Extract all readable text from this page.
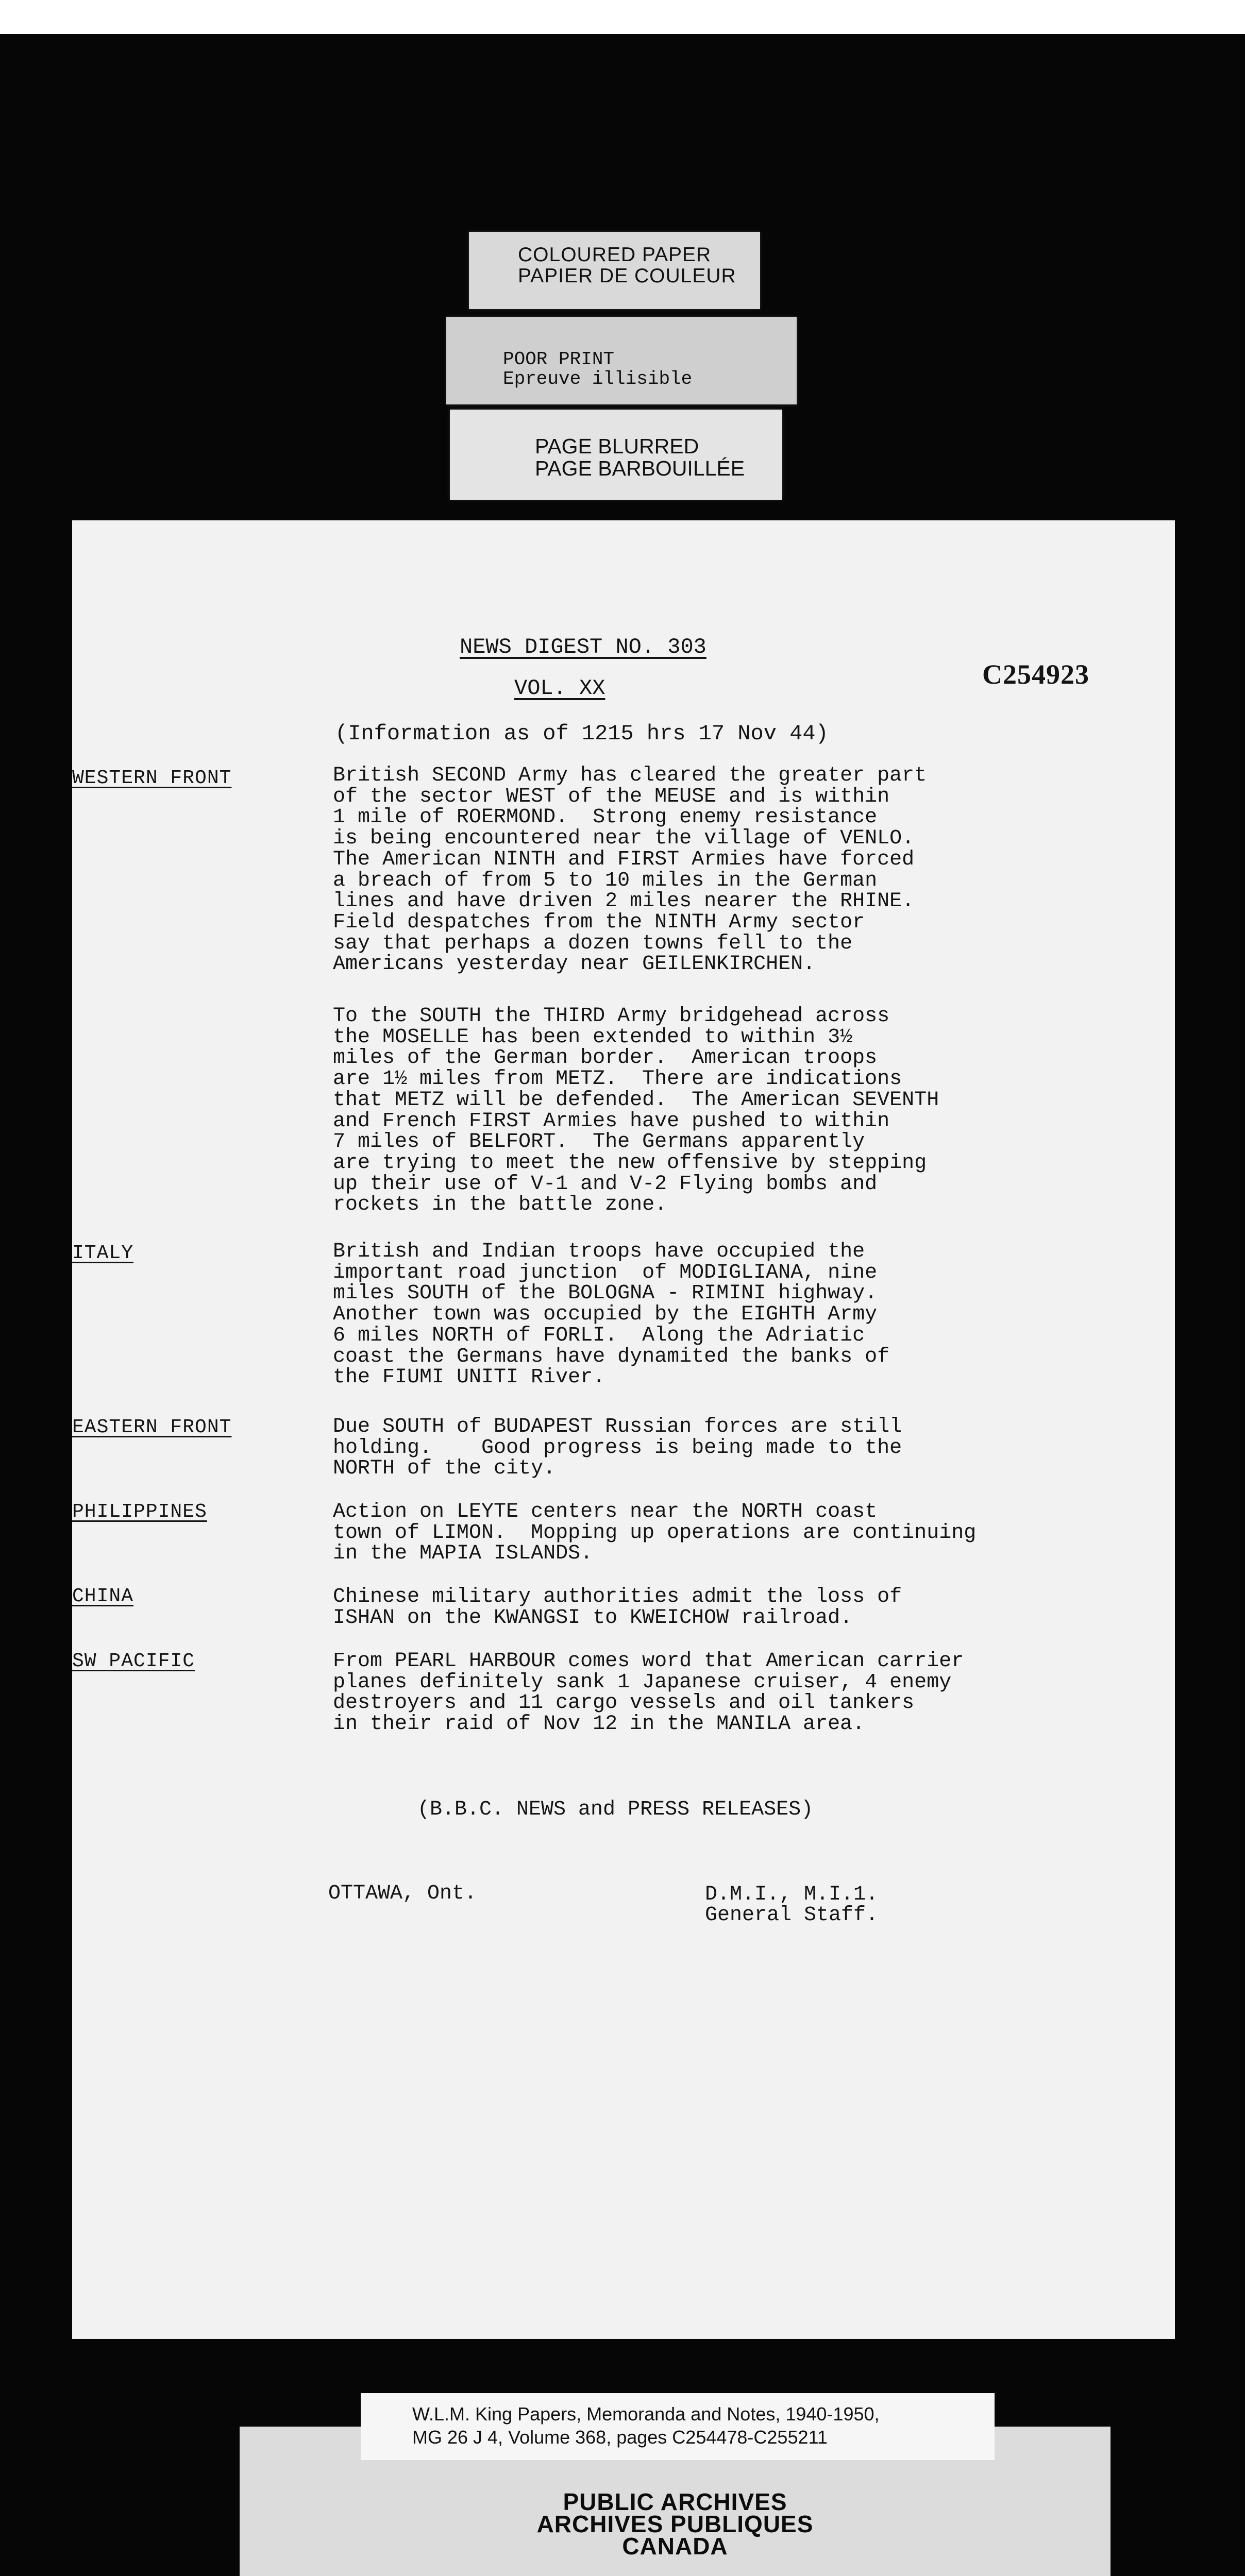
COLOURED PAPER
PAPIER DE COULEUR
POOR PRINT
Epreuve illisible
PAGE BLURRED
PAGE BARBOUILLÉE
NEWS DIGEST NO. 303
VOL. XX	C254923
(Information as of 1215 hrs 17 Nov 44)
WESTERN FRONT	British SECOND Army has cleared the greater part
of the sector WEST of the MEUSE and is within
1 mile of ROERMOND.  Strong enemy resistance
is being encountered near the village of VENLO.
The American NINTH and FIRST Armies have forced
a breach of from 5 to 10 miles in the German
lines and have driven 2 miles nearer the RHINE.
Field despatches from the NINTH Army sector
say that perhaps a dozen towns fell to the
Americans yesterday near GEILENKIRCHEN.
To the SOUTH the THIRD Army bridgehead across
the MOSELLE has been extended to within 3½
miles of the German border.  American troops
are 1½ miles from METZ.  There are indications
that METZ will be defended.  The American SEVENTH
and French FIRST Armies have pushed to within
7 miles of BELFORT.  The Germans apparently
are trying to meet the new offensive by stepping
up their use of V-1 and V-2 Flying bombs and
rockets in the battle zone.
ITALY	British and Indian troops have occupied the
important road junction  of MODIGLIANA, nine
miles SOUTH of the BOLOGNA - RIMINI highway.
Another town was occupied by the EIGHTH Army
6 miles NORTH of FORLI.  Along the Adriatic
coast the Germans have dynamited the banks of
the FIUMI UNITI River.
EASTERN FRONT	Due SOUTH of BUDAPEST Russian forces are still
holding.    Good progress is being made to the
NORTH of the city.
PHILIPPINES	Action on LEYTE centers near the NORTH coast
town of LIMON.  Mopping up operations are continuing
in the MAPIA ISLANDS.
CHINA	Chinese military authorities admit the loss of
ISHAN on the KWANGSI to KWEICHOW railroad.
SW PACIFIC	From PEARL HARBOUR comes word that American carrier
planes definitely sank 1 Japanese cruiser, 4 enemy
destroyers and 11 cargo vessels and oil tankers
in their raid of Nov 12 in the MANILA area.
(B.B.C. NEWS and PRESS RELEASES)
OTTAWA, Ont.	D.M.I., M.I.1.
General Staff.
W.L.M. King Papers, Memoranda and Notes, 1940-1950,
MG 26 J 4, Volume 368, pages C254478-C255211
PUBLIC ARCHIVES
ARCHIVES PUBLIQUES
CANADA
